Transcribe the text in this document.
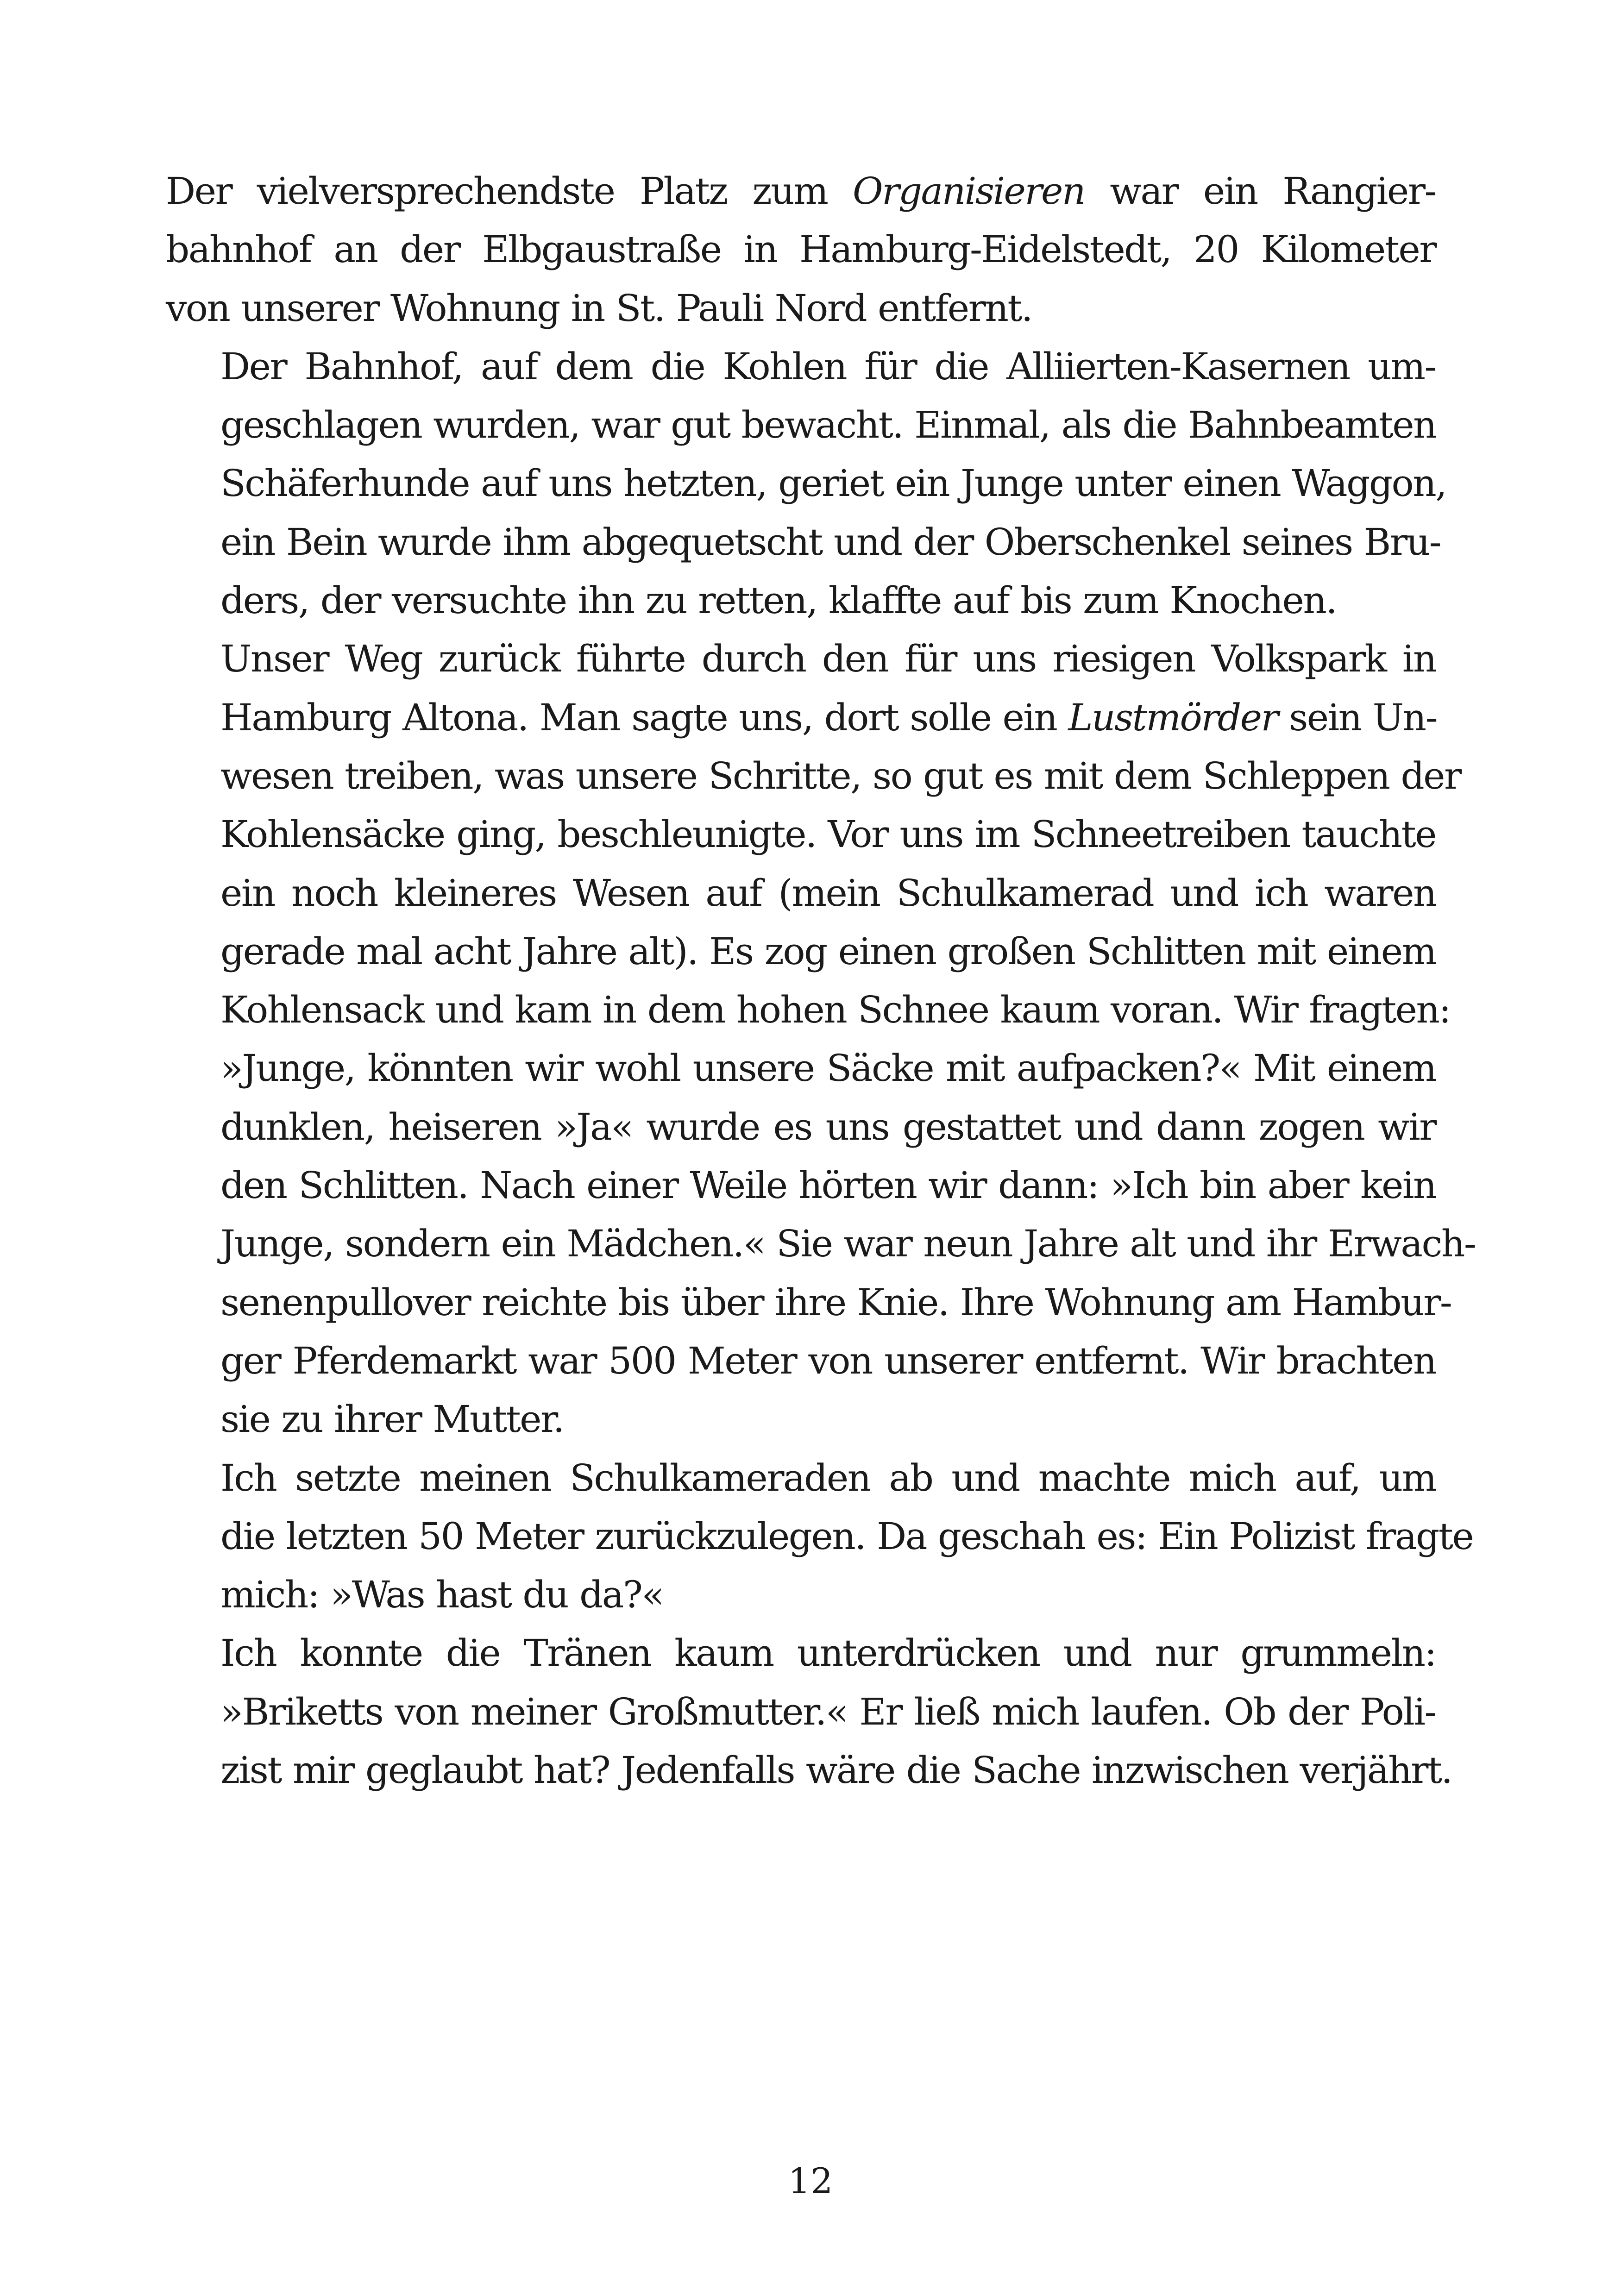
Der vielversprechendste Platz zum Organisieren war ein Rangier-
bahnhof an der Elbgaustraße in Hamburg-Eidelstedt, 20 Kilometer
von unserer Wohnung in St. Pauli Nord entfernt.
Der Bahnhof, auf dem die Kohlen für die Alliierten-Kasernen um-
geschlagen wurden, war gut bewacht. Einmal, als die Bahnbeamten
Schäferhunde auf uns hetzten, geriet ein Junge unter einen Waggon,
ein Bein wurde ihm abgequetscht und der Oberschenkel seines Bru-
ders, der versuchte ihn zu retten, klaffte auf bis zum Knochen.
Unser Weg zurück führte durch den für uns riesigen Volkspark in
Hamburg Altona. Man sagte uns, dort solle ein Lustmörder sein Un-
wesen treiben, was unsere Schritte, so gut es mit dem Schleppen der
Kohlensäcke ging, beschleunigte. Vor uns im Schneetreiben tauchte
ein noch kleineres Wesen auf (mein Schulkamerad und ich waren
gerade mal acht Jahre alt). Es zog einen großen Schlitten mit einem
Kohlensack und kam in dem hohen Schnee kaum voran. Wir fragten:
»Junge, könnten wir wohl unsere Säcke mit aufpacken?« Mit einem
dunklen, heiseren »Ja« wurde es uns gestattet und dann zogen wir
den Schlitten. Nach einer Weile hörten wir dann: »Ich bin aber kein
Junge, sondern ein Mädchen.« Sie war neun Jahre alt und ihr Erwach-
senenpullover reichte bis über ihre Knie. Ihre Wohnung am Hambur-
ger Pferdemarkt war 500 Meter von unserer entfernt. Wir brachten
sie zu ihrer Mutter.
Ich setzte meinen Schulkameraden ab und machte mich auf, um
die letzten 50 Meter zurückzulegen. Da geschah es: Ein Polizist fragte
mich: »Was hast du da?«
Ich konnte die Tränen kaum unterdrücken und nur grummeln:
»Briketts von meiner Großmutter.« Er ließ mich laufen. Ob der Poli-
zist mir geglaubt hat? Jedenfalls wäre die Sache inzwischen verjährt.
12
